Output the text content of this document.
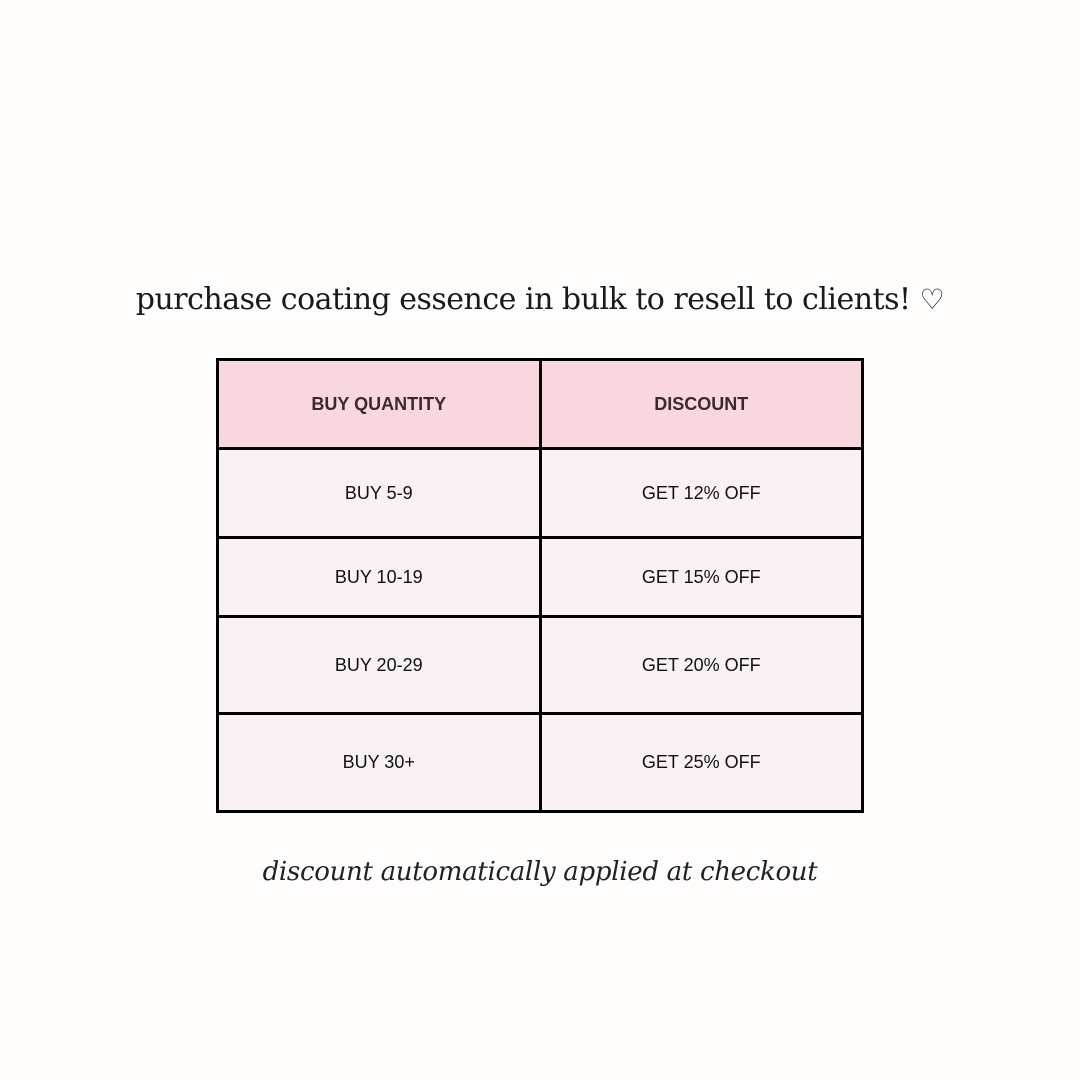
purchase coating essence in bulk to resell to clients! ♡
BUY QUANTITY	DISCOUNT
BUY 5-9	GET 12% OFF
BUY 10-19	GET 15% OFF
BUY 20-29	GET 20% OFF
BUY 30+	GET 25% OFF
discount automatically applied at checkout
